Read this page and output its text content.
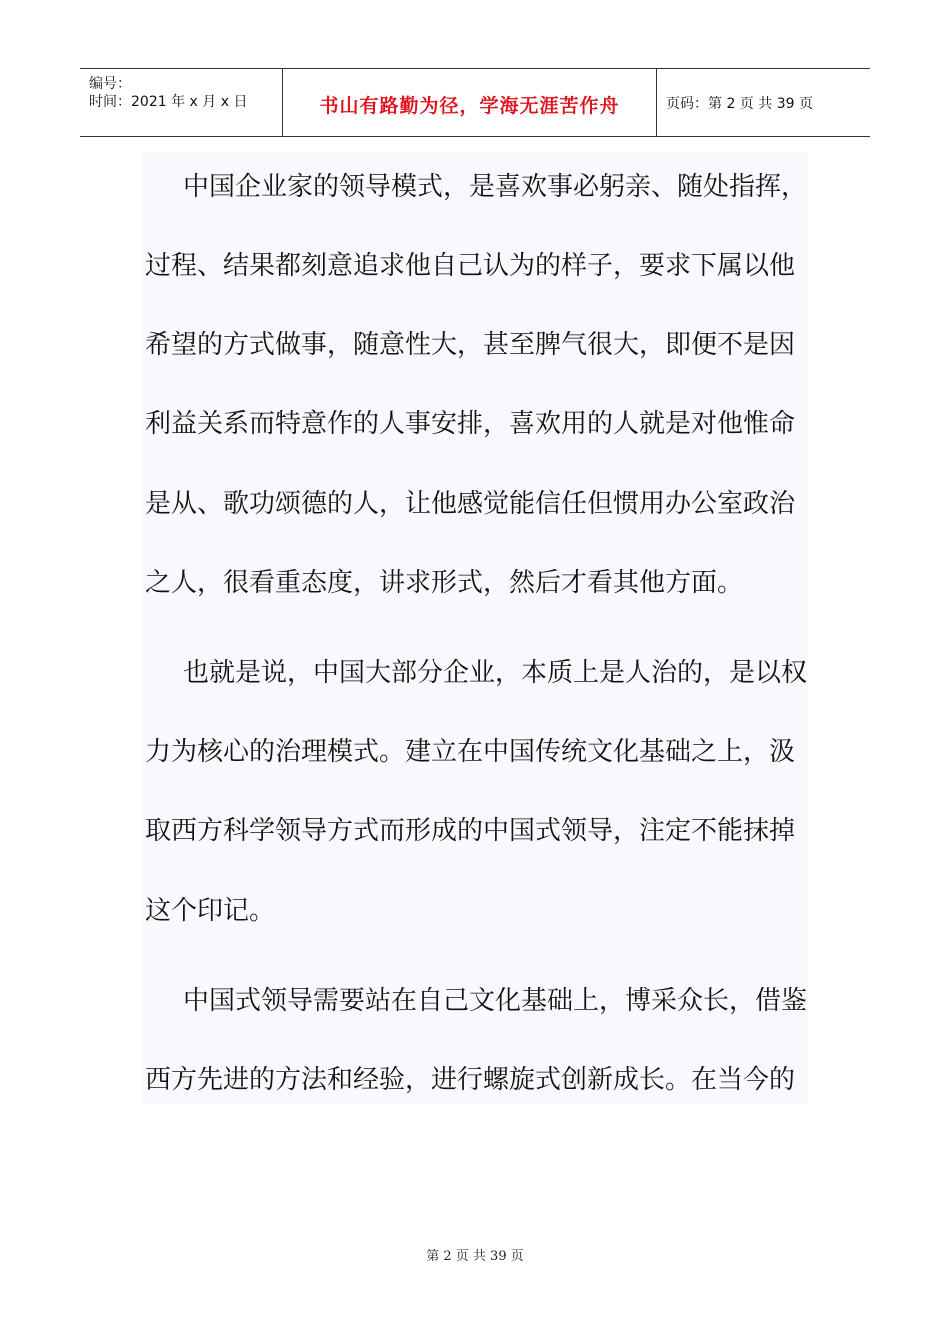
编号：
时间：2021 年 x 月 x 日	书山有路勤为径，学海无涯苦作舟	页码：第 2 页 共 39 页
中国企业家的领导模式，是喜欢事必躬亲、随处指挥，
过程、结果都刻意追求他自己认为的样子，要求下属以他
希望的方式做事，随意性大，甚至脾气很大，即便不是因
利益关系而特意作的人事安排，喜欢用的人就是对他惟命
是从、歌功颂德的人，让他感觉能信任但惯用办公室政治
之人，很看重态度，讲求形式，然后才看其他方面。
也就是说，中国大部分企业，本质上是人治的，是以权
力为核心的治理模式。建立在中国传统文化基础之上，汲
取西方科学领导方式而形成的中国式领导，注定不能抹掉
这个印记。
中国式领导需要站在自己文化基础上，博采众长，借鉴
西方先进的方法和经验，进行螺旋式创新成长。在当今的
第 2 页 共 39 页
